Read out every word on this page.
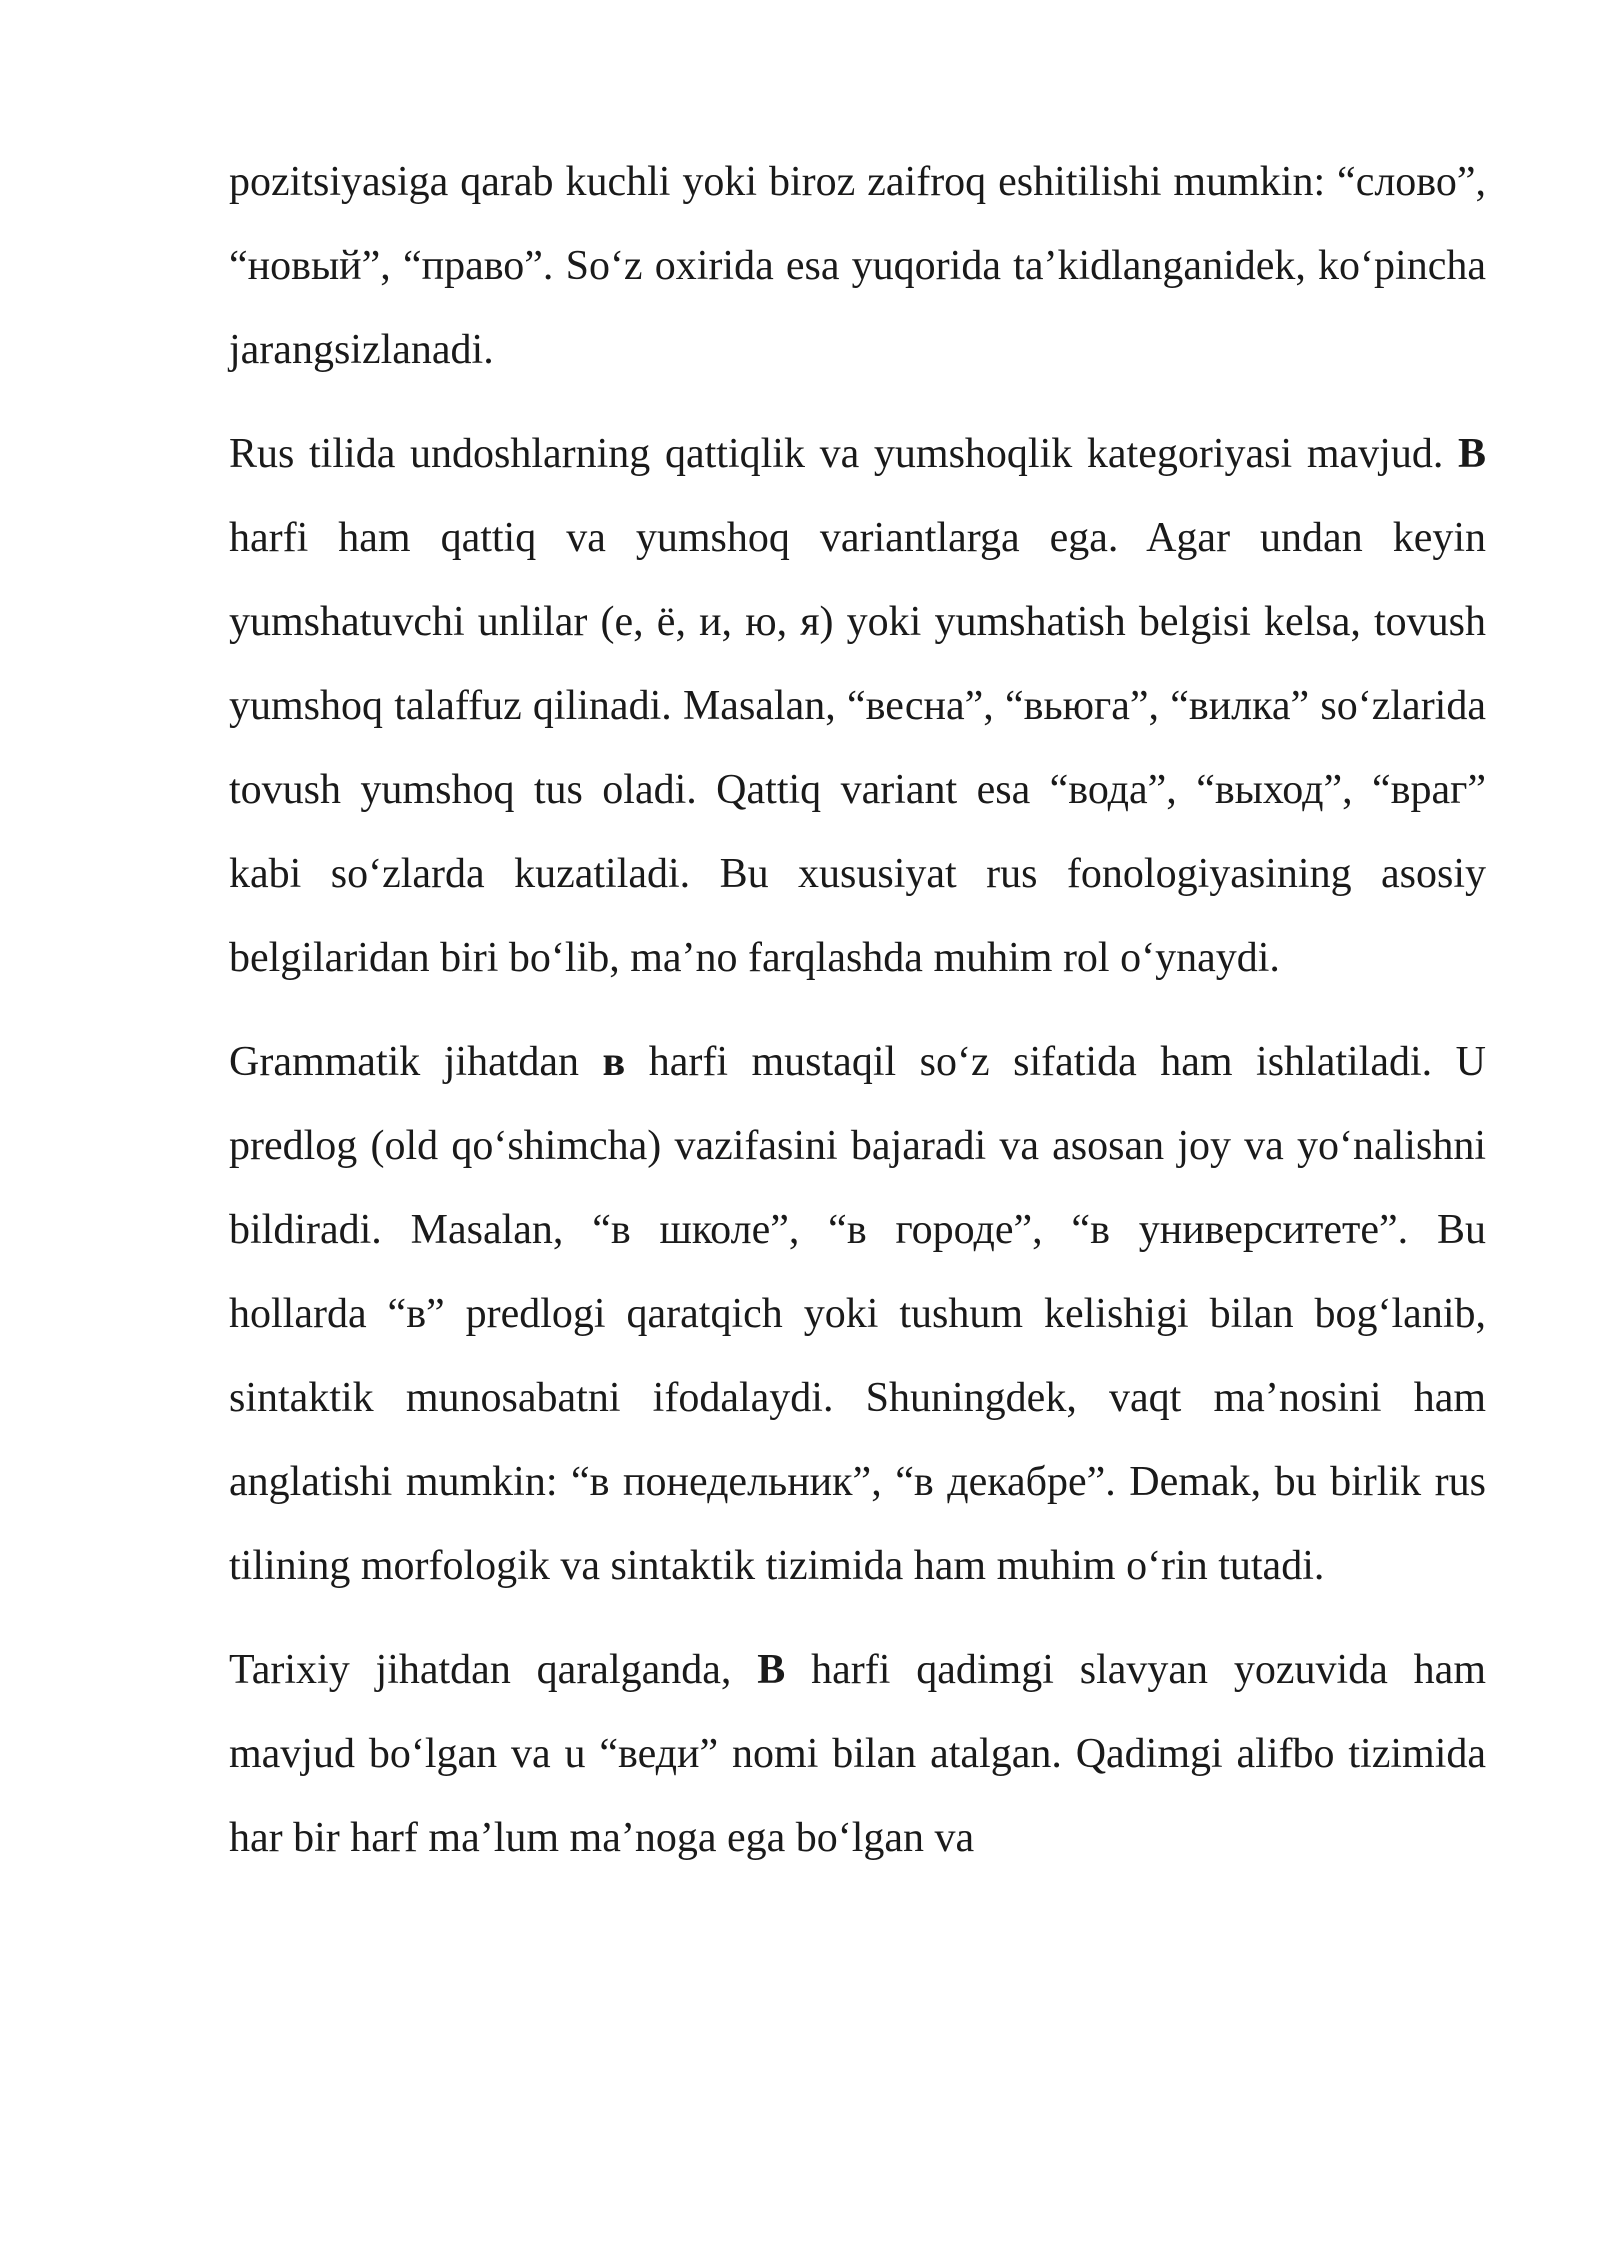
pozitsiyasiga qarab kuchli yoki biroz zaifroq eshitilishi mumkin: “слово”, “новый”, “право”. So‘z oxirida esa yuqorida ta’kidlanganidek, ko‘pincha jarangsizlanadi.

Rus tilida undoshlarning qattiqlik va yumshoqlik kategoriyasi mavjud. В harfi ham qattiq va yumshoq variantlarga ega. Agar undan keyin yumshatuvchi unlilar (е, ё, и, ю, я) yoki yumshatish belgisi kelsa, tovush yumshoq talaffuz qilinadi. Masalan, “весна”, “вьюга”, “вилка” so‘zlarida tovush yumshoq tus oladi. Qattiq variant esa “вода”, “выход”, “враг” kabi so‘zlarda kuzatiladi. Bu xususiyat rus fonologiyasining asosiy belgilaridan biri bo‘lib, ma’no farqlashda muhim rol o‘ynaydi.

Grammatik jihatdan в harfi mustaqil so‘z sifatida ham ishlatiladi. U predlog (old qo‘shimcha) vazifasini bajaradi va asosan joy va yo‘nalishni bildiradi. Masalan, “в школе”, “в городе”, “в университете”. Bu hollarda “в” predlogi qaratqich yoki tushum kelishigi bilan bog‘lanib, sintaktik munosabatni ifodalaydi. Shuningdek, vaqt ma’nosini ham anglatishi mumkin: “в понедельник”, “в декабре”. Demak, bu birlik rus tilining morfologik va sintaktik tizimida ham muhim o‘rin tutadi.

Tarixiy jihatdan qaralganda, В harfi qadimgi slavyan yozuvida ham mavjud bo‘lgan va u “веди” nomi bilan atalgan. Qadimgi alifbo tizimida har bir harf ma’lum ma’noga ega bo‘lgan va
